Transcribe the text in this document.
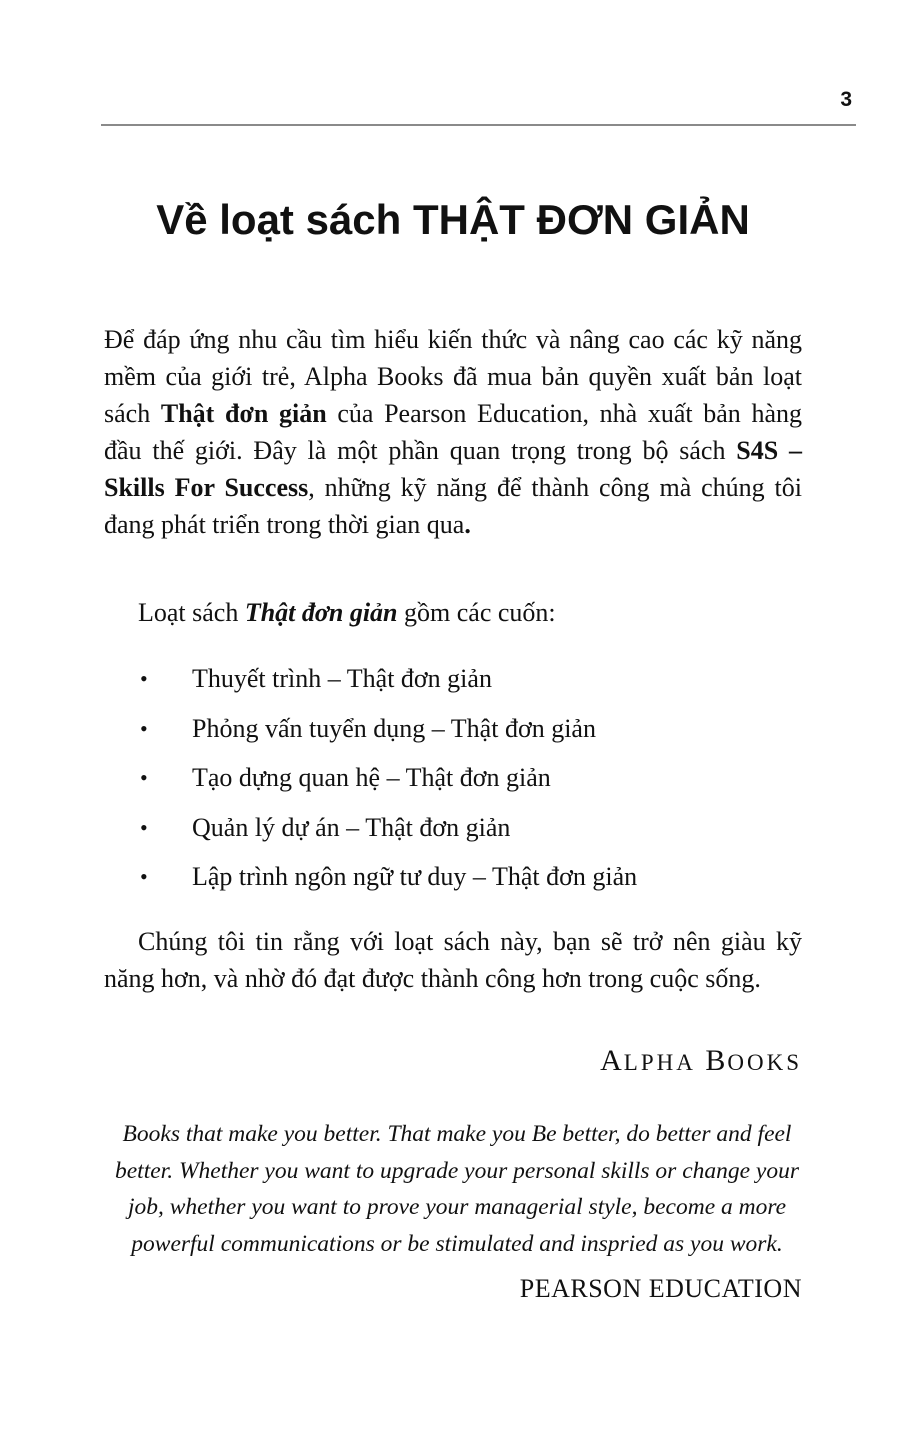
3
Về loạt sách THẬT ĐƠN GIẢN

Để đáp ứng nhu cầu tìm hiểu kiến thức và nâng cao các kỹ năng mềm của giới trẻ, Alpha Books đã mua bản quyền xuất bản loạt sách Thật đơn giản của Pearson Education, nhà xuất bản hàng đầu thế giới. Đây là một phần quan trọng trong bộ sách S4S – Skills For Success, những kỹ năng để thành công mà chúng tôi đang phát triển trong thời gian qua.

Loạt sách Thật đơn giản gồm các cuốn:

• Thuyết trình – Thật đơn giản
• Phỏng vấn tuyển dụng – Thật đơn giản
• Tạo dựng quan hệ – Thật đơn giản
• Quản lý dự án – Thật đơn giản
• Lập trình ngôn ngữ tư duy – Thật đơn giản

Chúng tôi tin rằng với loạt sách này, bạn sẽ trở nên giàu kỹ năng hơn, và nhờ đó đạt được thành công hơn trong cuộc sống.

ALPHA BOOKS
Books that make you better. That make you Be better, do better and feel better. Whether you want to upgrade your personal skills or change your job, whether you want to prove your managerial style, become a more powerful communications or be stimulated and inspried as you work.
PEARSON EDUCATION
